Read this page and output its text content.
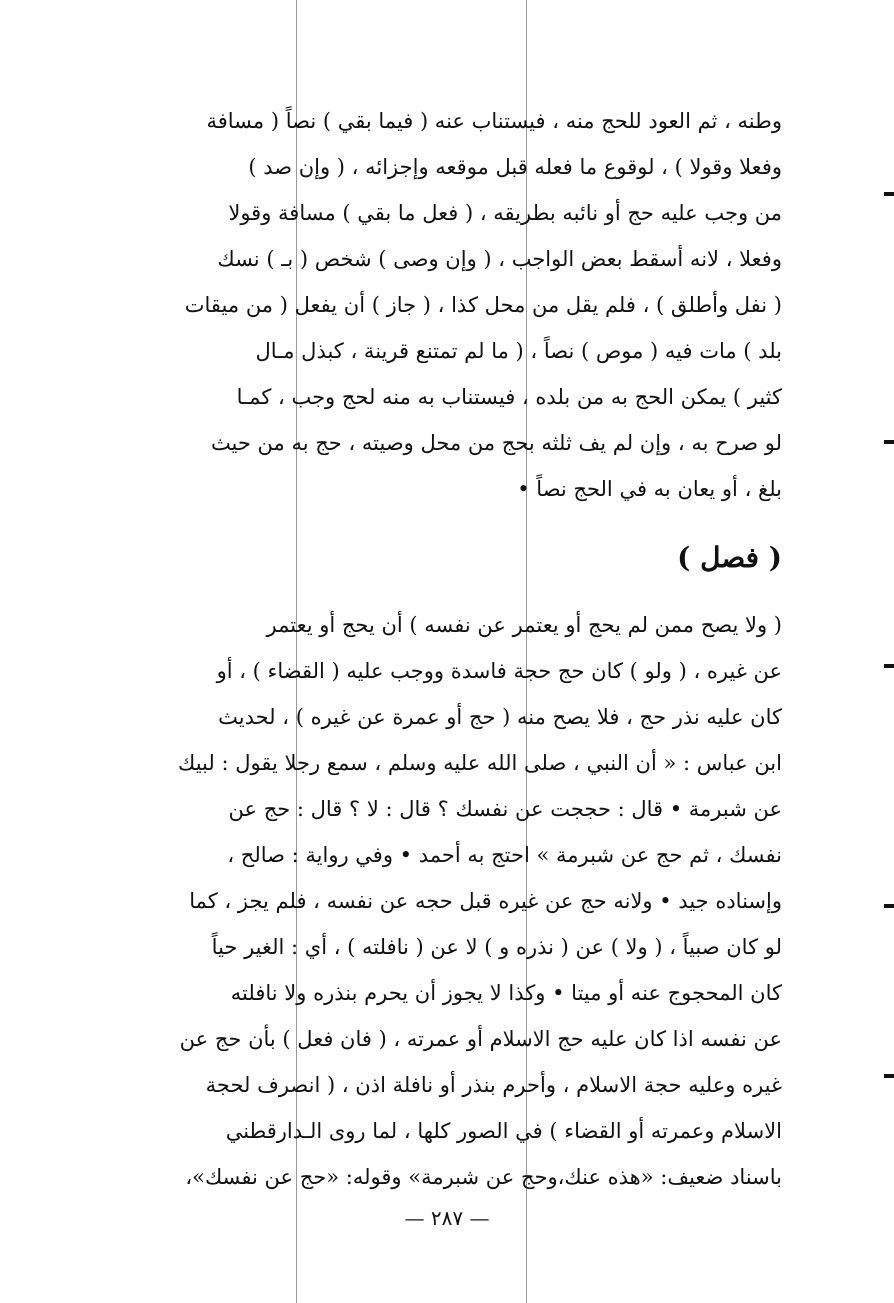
وطنه ، ثم العود للحج منه ، فيستناب عنه ( فيما بقي ) نصاً ( مسافة
وفعلا وقولا ) ، لوقوع ما فعله قبل موقعه وإجزائه ، ( وإن صد )
من وجب عليه حج أو نائبه بطريقه ، ( فعل ما بقي ) مسافة وقولا
وفعلا ، لانه أسقط بعض الواجب ، ( وإن وصى ) شخص ( بـ ) نسك
( نفل وأطلق ) ، فلم يقل من محل كذا ، ( جاز ) أن يفعل ( من ميقات
بلد ) مات فيه ( موص ) نصاً ، ( ما لم تمتنع قرينة ، كبذل مـال
كثير ) يمكن الحج به من بلده ، فيستناب به منه لحج وجب ، كمـا
لو صرح به ، وإن لم يف ثلثه بحج من محل وصيته ، حج به من حيث
بلغ ، أو يعان به في الحج نصاً •
( فصل )
( ولا يصح ممن لم يحج أو يعتمر عن نفسه ) أن يحج أو يعتمر
عن غيره ، ( ولو ) كان حج حجة فاسدة ووجب عليه ( القضاء ) ، أو
كان عليه نذر حج ، فلا يصح منه ( حج أو عمرة عن غيره ) ، لحديث
ابن عباس : « أن النبي ، صلى الله عليه وسلم ، سمع رجلا يقول : لبيك
عن شبرمة • قال : حججت عن نفسك ؟ قال : لا ؟ قال : حج عن
نفسك ، ثم حج عن شبرمة » احتج به أحمد • وفي رواية : صالح ،
وإسناده جيد • ولانه حج عن غيره قبل حجه عن نفسه ، فلم يجز ، كما
لو كان صبياً ، ( ولا ) عن ( نذره و ) لا عن ( نافلته ) ، أي : الغير حياً
كان المحجوج عنه أو ميتا • وكذا لا يجوز أن يحرم بنذره ولا نافلته
عن نفسه اذا كان عليه حج الاسلام أو عمرته ، ( فان فعل ) بأن حج عن
غيره وعليه حجة الاسلام ، وأحرم بنذر أو نافلة اذن ، ( انصرف لحجة
الاسلام وعمرته أو القضاء ) في الصور كلها ، لما روى الـدارقطني
باسناد ضعيف: «هذه عنك،وحج عن شبرمة» وقوله: «حج عن نفسك»،
— ٢٨٧ —
